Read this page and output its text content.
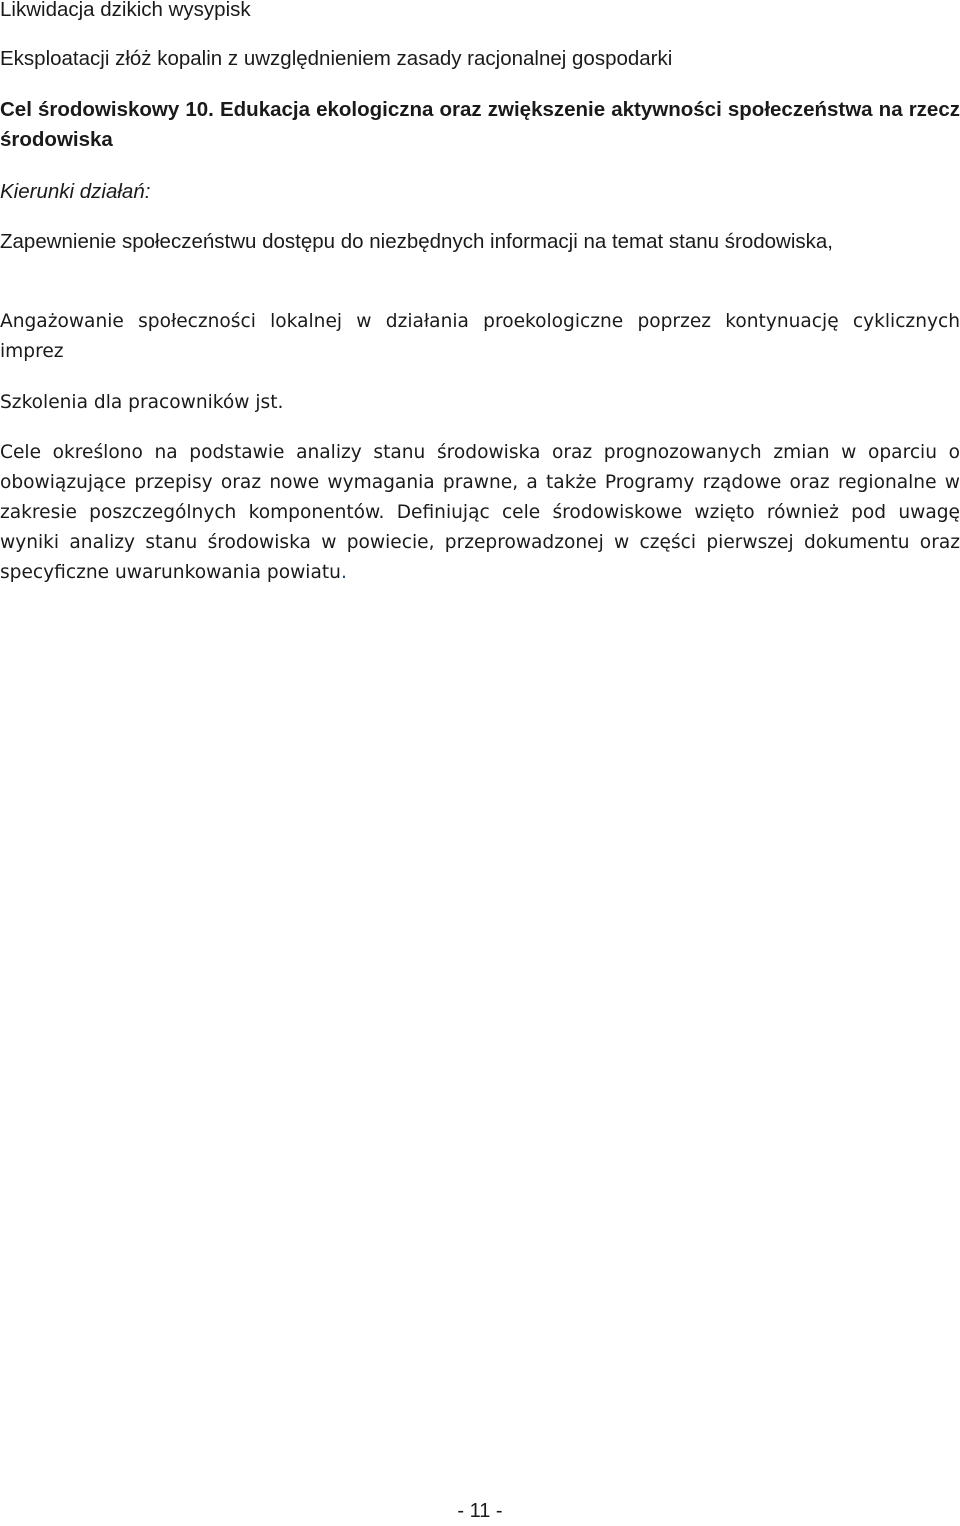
Likwidacja dzikich wysypisk

Eksploatacji złóż kopalin z uwzględnieniem zasady racjonalnej gospodarki

Cel środowiskowy 10. Edukacja ekologiczna oraz zwiększenie aktywności społeczeństwa na rzecz środowiska

Kierunki działań:

Zapewnienie społeczeństwu dostępu do niezbędnych informacji na temat stanu środowiska,

Angażowanie społeczności lokalnej w działania proekologiczne poprzez kontynuację cyklicznych imprez

Szkolenia dla pracowników jst.

Cele określono na podstawie analizy stanu środowiska oraz prognozowanych zmian w oparciu o obowiązujące przepisy oraz nowe wymagania prawne, a także Programy rządowe oraz regionalne w zakresie poszczególnych komponentów. Definiując cele środowiskowe wzięto również pod uwagę wyniki analizy stanu środowiska w powiecie, przeprowadzonej w części pierwszej dokumentu oraz specyficzne uwarunkowania powiatu.

- 11 -
